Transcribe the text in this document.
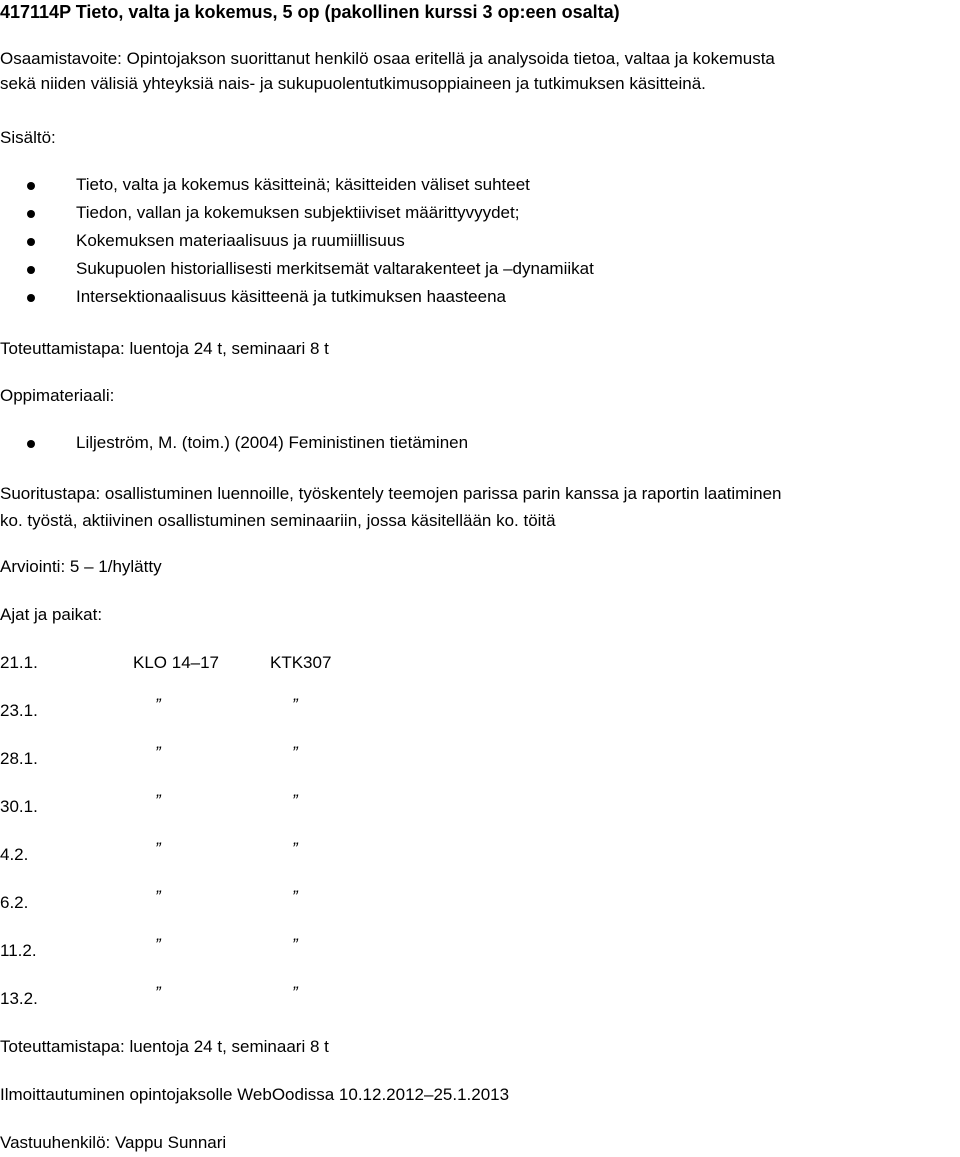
417114P Tieto, valta ja kokemus, 5 op (pakollinen kurssi 3 op:een osalta)
Osaamistavoite: Opintojakson suorittanut henkilö osaa eritellä ja analysoida tietoa, valtaa ja kokemusta
sekä niiden välisiä yhteyksiä nais- ja sukupuolentutkimusoppiaineen ja tutkimuksen käsitteinä.
Sisältö:
Tieto, valta ja kokemus käsitteinä; käsitteiden väliset suhteet
Tiedon, vallan ja kokemuksen subjektiiviset määrittyvyydet;
Kokemuksen materiaalisuus ja ruumiillisuus
Sukupuolen historiallisesti merkitsemät valtarakenteet ja –dynamiikat
Intersektionaalisuus käsitteenä ja tutkimuksen haasteena
Toteuttamistapa: luentoja 24 t, seminaari 8 t
Oppimateriaali:
Liljeström, M. (toim.) (2004) Feministinen tietäminen
Suoritustapa: osallistuminen luennoille, työskentely teemojen parissa parin kanssa ja raportin laatiminen
ko. työstä, aktiivinen osallistuminen seminaariin, jossa käsitellään ko. töitä
Arviointi: 5 – 1/hylätty
Ajat ja paikat:
21.1.	KLO 14–17	KTK307
23.1.	”	”
28.1.	”	”
30.1.	”	”
4.2.	”	”
6.2.	”	”
11.2.	”	”
13.2.	”	”
Toteuttamistapa: luentoja 24 t, seminaari 8 t
Ilmoittautuminen opintojaksolle WebOodissa 10.12.2012–25.1.2013
Vastuuhenkilö: Vappu Sunnari
